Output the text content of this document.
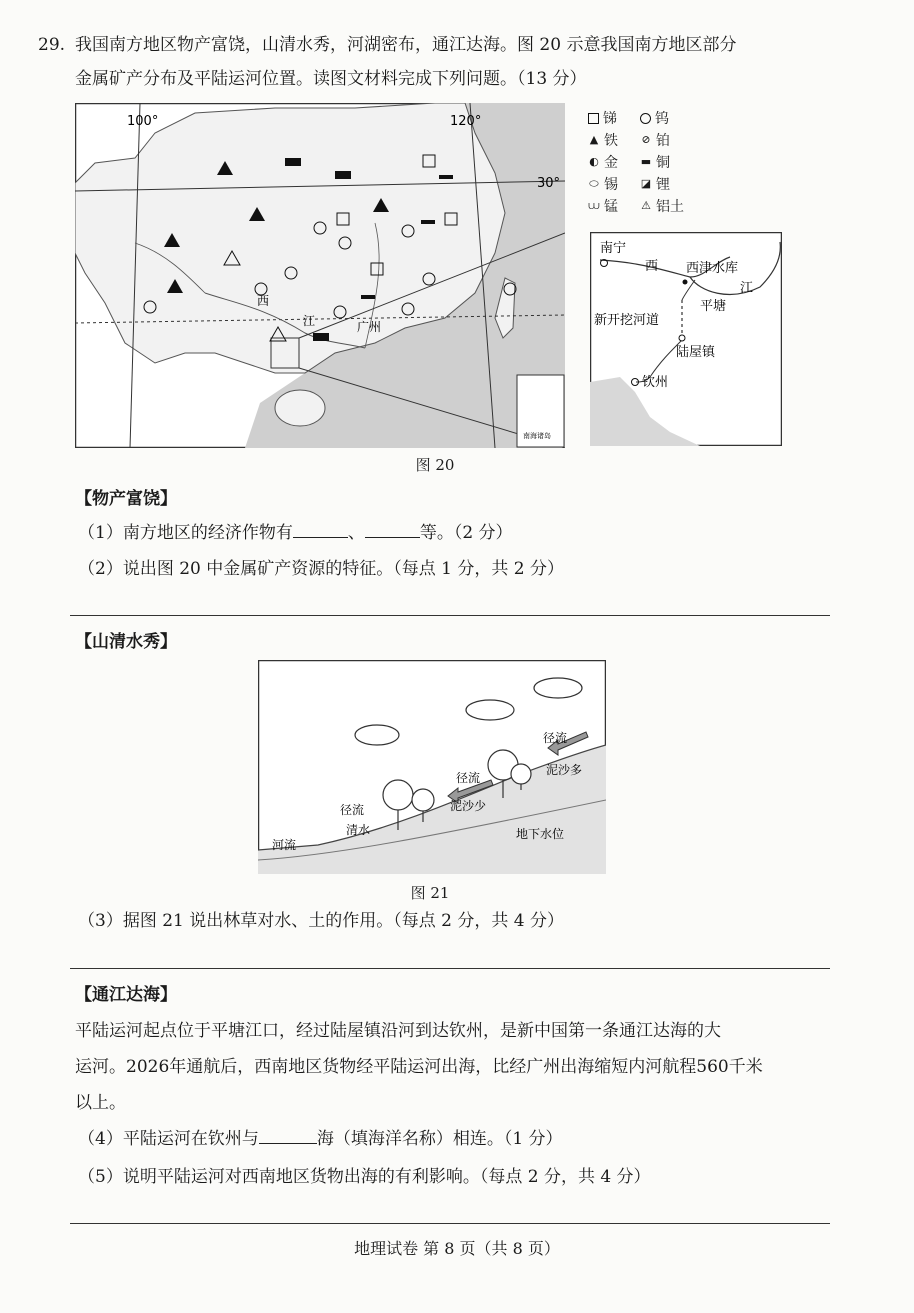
29. 我国南方地区物产富饶，山清水秀，河湖密布，通江达海。图 20 示意我国南方地区部分
金属矿产分布及平陆运河位置。读图文材料完成下列问题。（13 分）
100°	120°
30°
西
江	广州
南海诸岛
锑	钨
▲ 铁 ⊘ 铂
◐ 金 ▬ 铜
⬭ 锡 ◪ 锂
⩊ 锰 ⚠ 铝土
南宁
西 西津水库
江
平塘
新开挖河道
陆屋镇
钦州
图 20
【物产富饶】
（1）南方地区的经济作物有	、	等。（2 分）
（2）说出图 20 中金属矿产资源的特征。（每点 1 分，共 2 分）
【山清水秀】
径流
泥沙多
径流
泥沙少
径流
清水
河流
地下水位
图 21
（3）据图 21 说出林草对水、土的作用。（每点 2 分，共 4 分）
【通江达海】
平陆运河起点位于平塘江口，经过陆屋镇沿河到达钦州，是新中国第一条通江达海的大
运河。2026年通航后，西南地区货物经平陆运河出海，比经广州出海缩短内河航程560千米
以上。
（4）平陆运河在钦州与	海（填海洋名称）相连。（1 分）
（5）说明平陆运河对西南地区货物出海的有利影响。（每点 2 分，共 4 分）
地理试卷 第 8 页（共 8 页）
